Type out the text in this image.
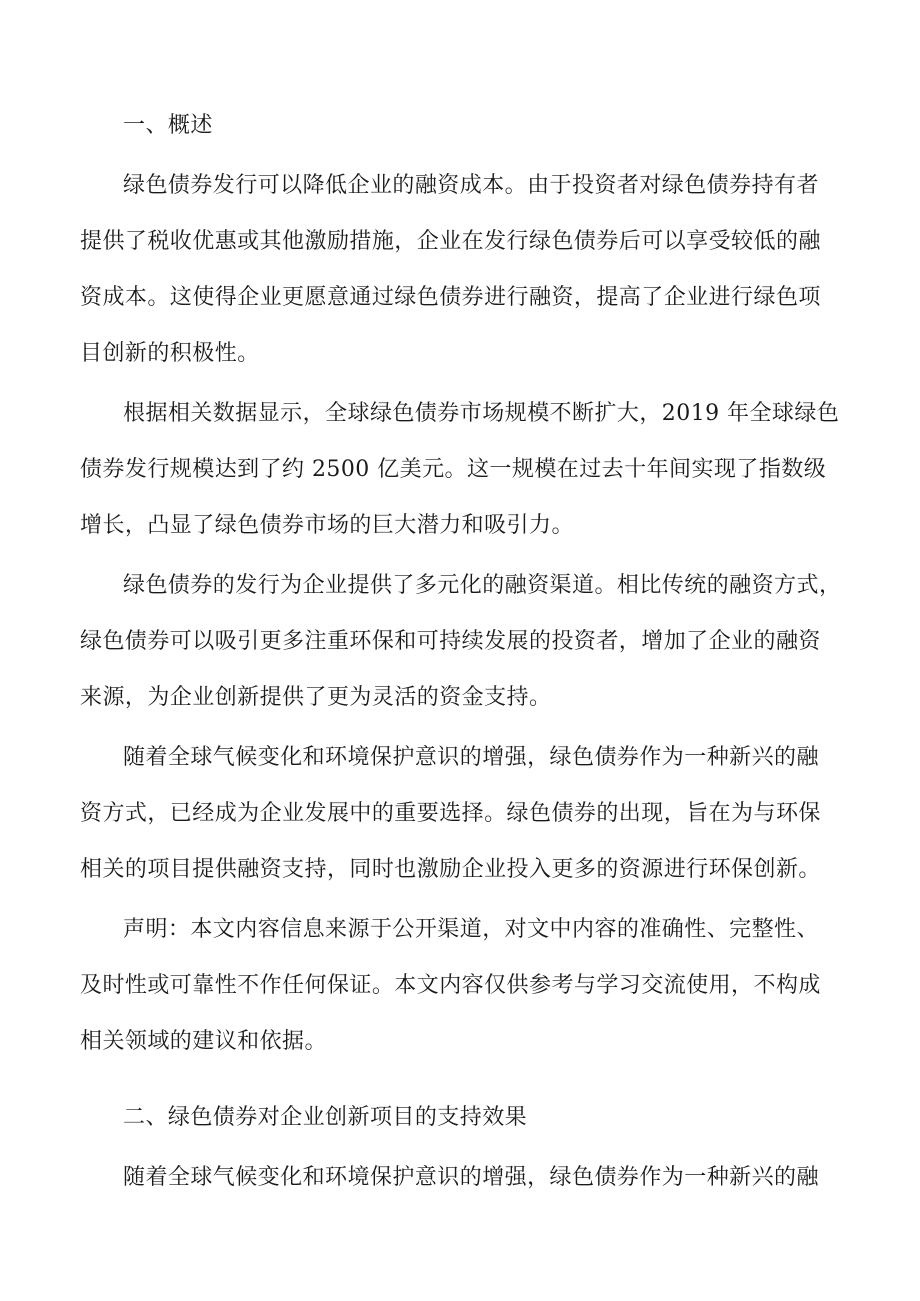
一、概述
绿色债券发行可以降低企业的融资成本。由于投资者对绿色债券持有者
提供了税收优惠或其他激励措施，企业在发行绿色债券后可以享受较低的融
资成本。这使得企业更愿意通过绿色债券进行融资，提高了企业进行绿色项
目创新的积极性。
根据相关数据显示，全球绿色债券市场规模不断扩大，2019 年全球绿色
债券发行规模达到了约 2500 亿美元。这一规模在过去十年间实现了指数级
增长，凸显了绿色债券市场的巨大潜力和吸引力。
绿色债券的发行为企业提供了多元化的融资渠道。相比传统的融资方式，
绿色债券可以吸引更多注重环保和可持续发展的投资者，增加了企业的融资
来源，为企业创新提供了更为灵活的资金支持。
随着全球气候变化和环境保护意识的增强，绿色债券作为一种新兴的融
资方式，已经成为企业发展中的重要选择。绿色债券的出现，旨在为与环保
相关的项目提供融资支持，同时也激励企业投入更多的资源进行环保创新。
声明：本文内容信息来源于公开渠道，对文中内容的准确性、完整性、
及时性或可靠性不作任何保证。本文内容仅供参考与学习交流使用，不构成
相关领域的建议和依据。
二、绿色债券对企业创新项目的支持效果
随着全球气候变化和环境保护意识的增强，绿色债券作为一种新兴的融
